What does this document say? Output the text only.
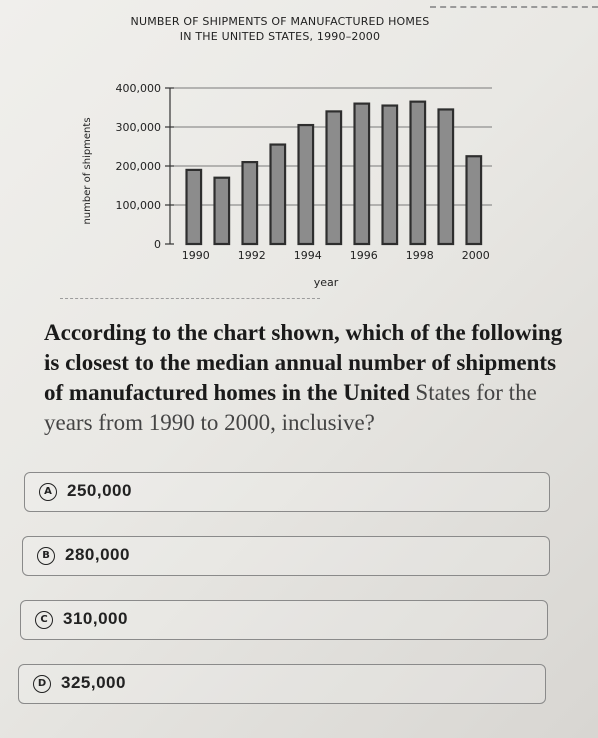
NUMBER OF SHIPMENTS OF MANUFACTURED HOMES
IN THE UNITED STATES, 1990–2000
0
100,000
200,000
300,000
400,000
1990	1992	1994	1996	1998	2000
year
number of shipments
According to the chart shown, which of the following is closest to the median annual number of shipments of manufactured homes in the United States for the years from 1990 to 2000, inclusive?
A 250,000
B 280,000
C 310,000
D 325,000
